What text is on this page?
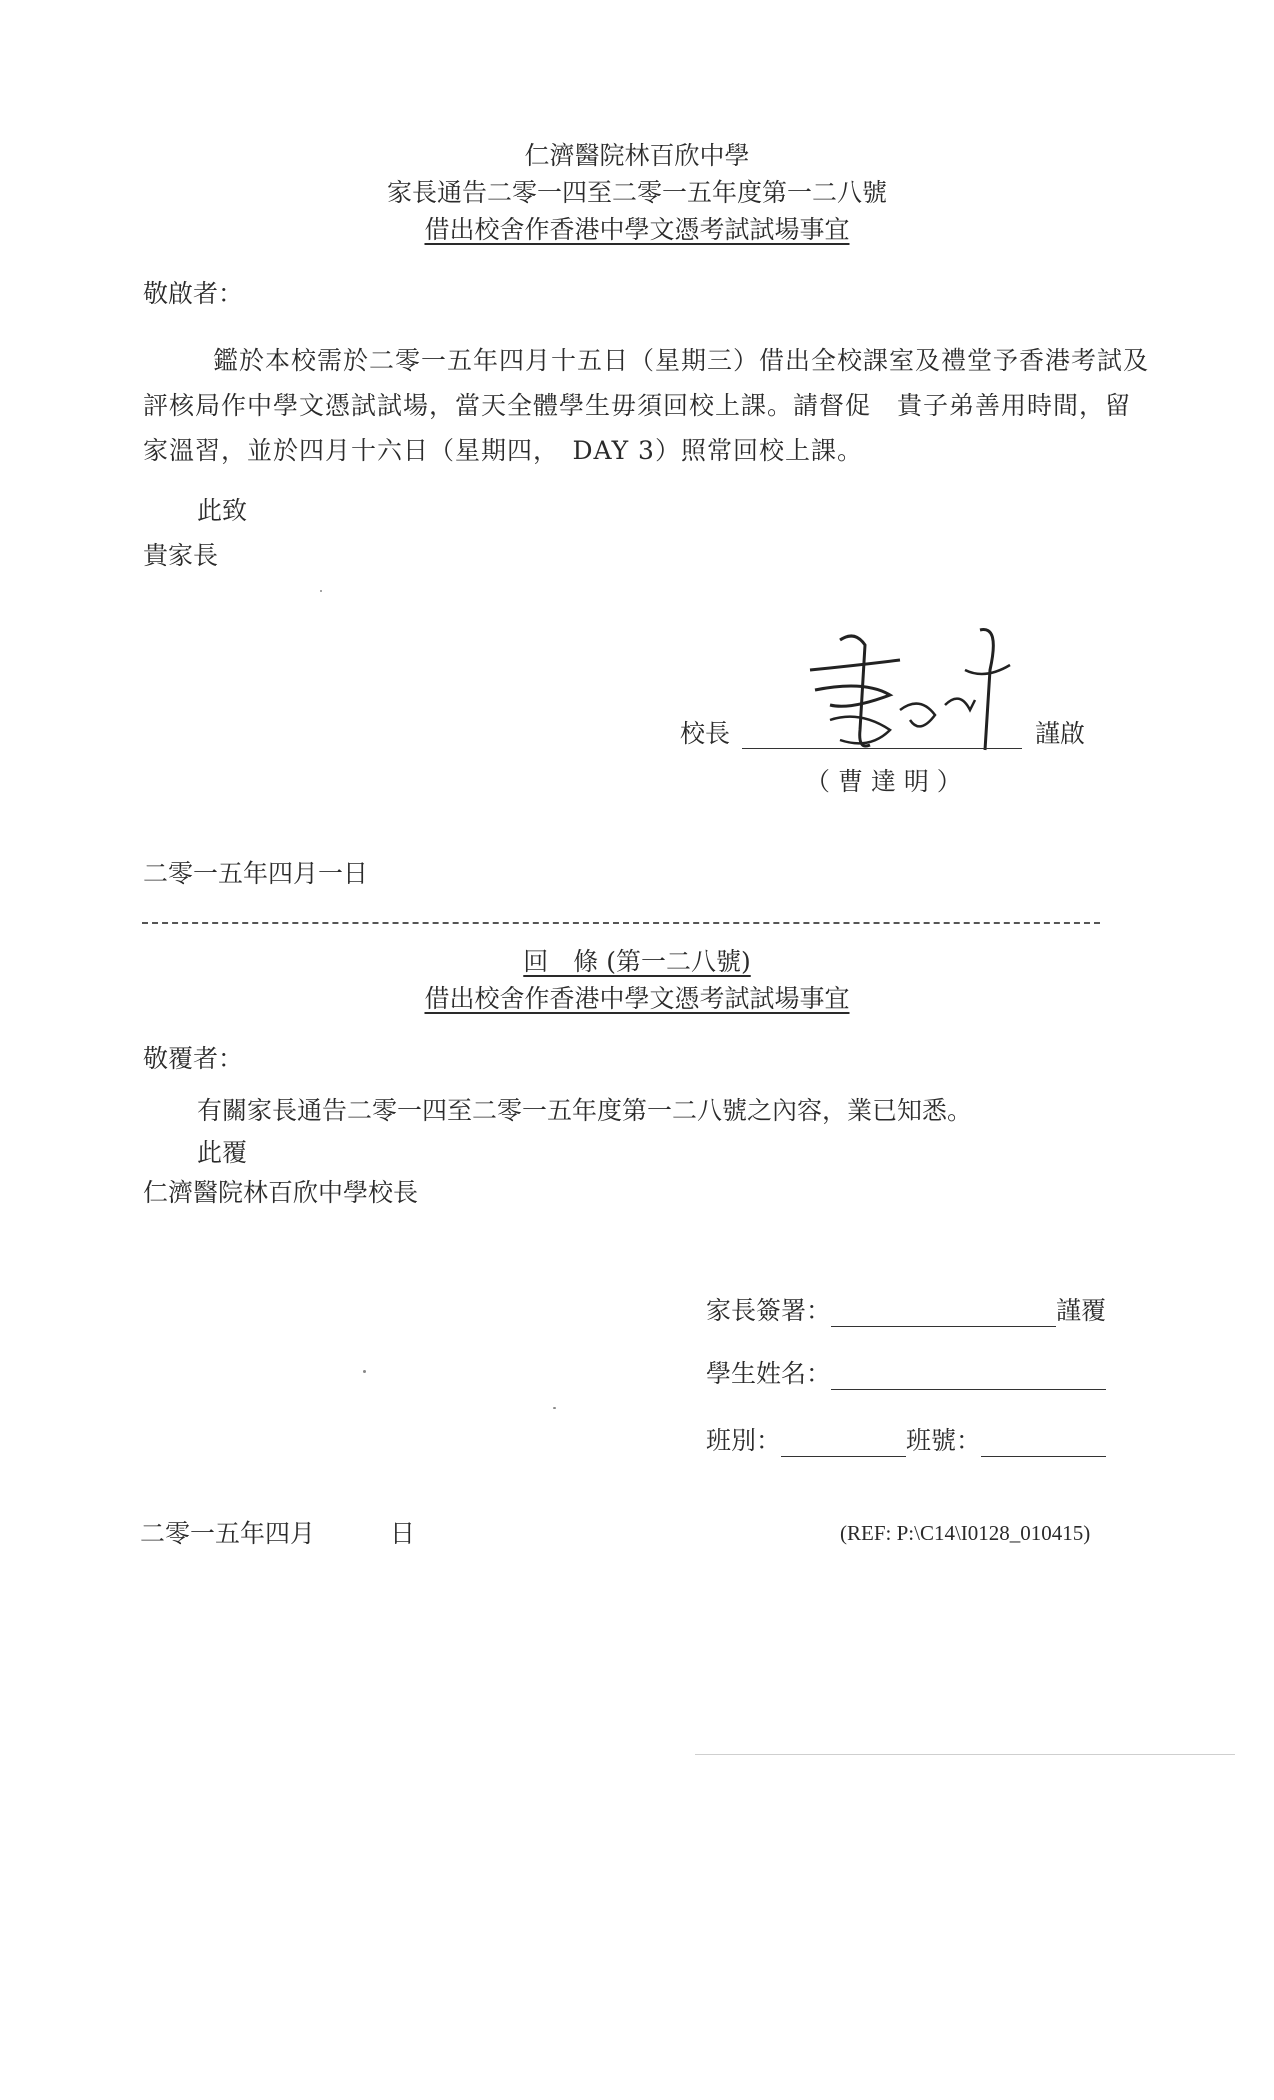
仁濟醫院林百欣中學
家長通告二零一四至二零一五年度第一二八號
借出校舍作香港中學文憑考試試場事宜
敬啟者：
鑑於本校需於二零一五年四月十五日（星期三）借出全校課室及禮堂予香港考試及
評核局作中學文憑試試場，當天全體學生毋須回校上課。請督促　貴子弟善用時間，留
家溫習，並於四月十六日（星期四，　DAY 3）照常回校上課。
此致
貴家長
校長	謹啟
（ 曹 達 明 ）
二零一五年四月一日
回　條 (第一二八號)
借出校舍作香港中學文憑考試試場事宜
敬覆者：
有關家長通告二零一四至二零一五年度第一二八號之內容，業已知悉。
此覆
仁濟醫院林百欣中學校長
家長簽署：	謹覆
學生姓名：
班別：	班號：
二零一五年四月　　　日	(REF: P:\C14\I0128_010415)
